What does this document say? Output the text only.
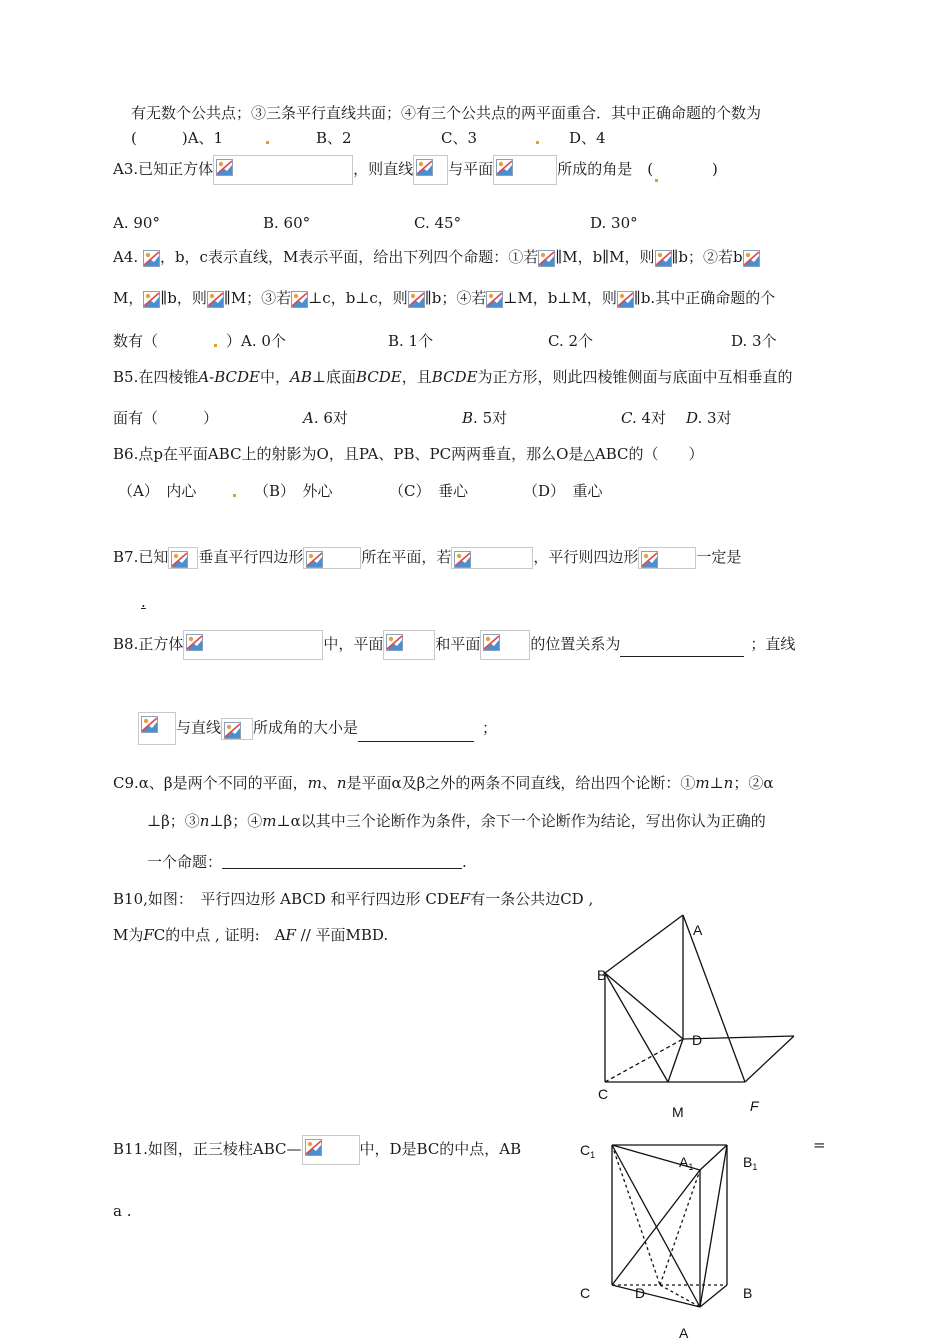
有无数个公共点；③三条平行直线共面；④有三个公共点的两平面重合．其中正确命题的个数为
(　　　)A、1	B、2	C、3	D、4
A3.已知正方体	，则直线 与平面	所成的角是　(	)
A. 90°	B. 60°	C. 45°	D. 30°
A4. ，b，c表示直线，M表示平面，给出下列四个命题：①若 ∥M，b∥M，则 ∥b；②若b
M， ∥b，则 ∥M；③若 ⊥c，b⊥c，则 ∥b；④若 ⊥M，b⊥M，则 ∥b.其中正确命题的个
数有（	）A. 0个	B. 1个	C. 2个	D. 3个
B5.在四棱锥A-BCDE中，AB⊥底面BCDE，且BCDE为正方形，则此四棱锥侧面与底面中互相垂直的
面有（　　　）	A. 6对	B. 5对	C. 4对 D. 3对
B6.点p在平面ABC上的射影为O，且PA、PB、PC两两垂直，那么O是△ABC的（　　）
（A）　内心	（B）　外心	（C）　垂心	（D）　重心
B7.已知 垂直平行四边形	所在平面，若	，平行则四边形	一定是
.
B8.正方体	中，平面	和平面	的位置关系为	；直线
与直线 所成角的大小是	；
C9.α、β是两个不同的平面，m、n是平面α及β之外的两条不同直线，给出四个论断：①m⊥n；②α
⊥β；③n⊥β；④m⊥α以其中三个论断作为条件，余下一个论断作为结论，写出你认为正确的
一个命题：	.
B10,如图：　平行四边形 ABCD 和平行四边形 CDEF有一条公共边CD ,
M为FC的中点 , 证明:　AF // 平面MBD.	A
B
D
C
M	F
B11.如图，正三棱柱ABC—	中，D是BC的中点，AB	=
a .
$C_1$	$A_1$	$B_1$
C	D	B
A
